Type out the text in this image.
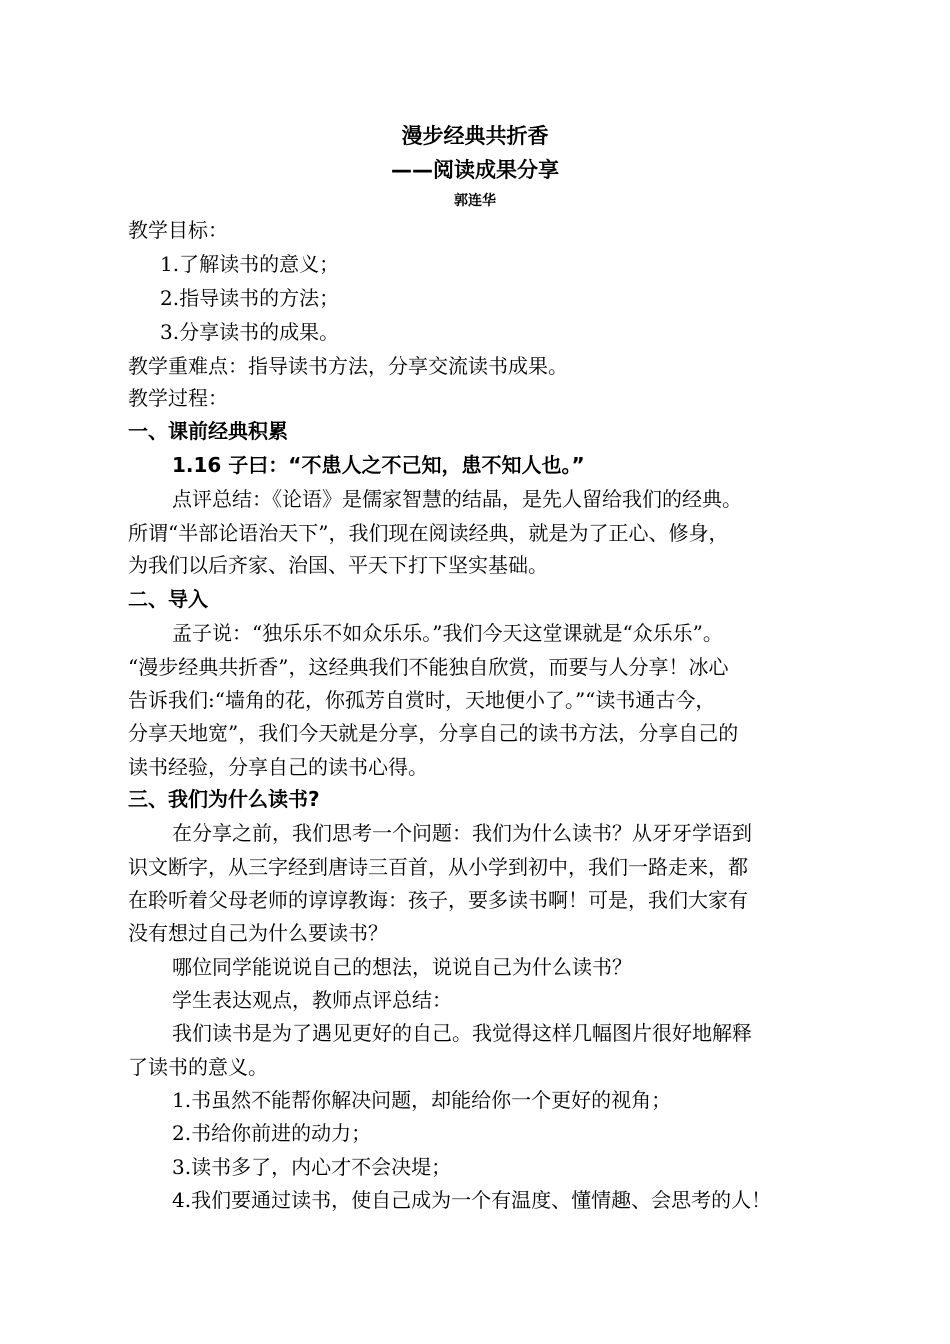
漫步经典共折香
——阅读成果分享
郭连华
教学目标：
1.了解读书的意义；
2.指导读书的方法；
3.分享读书的成果。
教学重难点：指导读书方法，分享交流读书成果。
教学过程：
一、课前经典积累
1.16 子曰：“不患人之不己知，患不知人也。”
点评总结：《论语》是儒家智慧的结晶，是先人留给我们的经典。
所谓“半部论语治天下”，我们现在阅读经典，就是为了正心、修身，
为我们以后齐家、治国、平天下打下坚实基础。
二、导入
孟子说：“独乐乐不如众乐乐。”我们今天这堂课就是“众乐乐”。
“漫步经典共折香”，这经典我们不能独自欣赏，而要与人分享！冰心
告诉我们:“墙角的花，你孤芳自赏时，天地便小了。”“读书通古今，
分享天地宽”，我们今天就是分享，分享自己的读书方法，分享自己的
读书经验，分享自己的读书心得。
三、我们为什么读书?
在分享之前，我们思考一个问题：我们为什么读书？从牙牙学语到
识文断字，从三字经到唐诗三百首，从小学到初中，我们一路走来，都
在聆听着父母老师的谆谆教诲：孩子，要多读书啊！可是，我们大家有
没有想过自己为什么要读书？
哪位同学能说说自己的想法，说说自己为什么读书？
学生表达观点，教师点评总结：
我们读书是为了遇见更好的自己。我觉得这样几幅图片很好地解释
了读书的意义。
1.书虽然不能帮你解决问题，却能给你一个更好的视角；
2.书给你前进的动力；
3.读书多了，内心才不会决堤；
4.我们要通过读书，使自己成为一个有温度、懂情趣、会思考的人！
